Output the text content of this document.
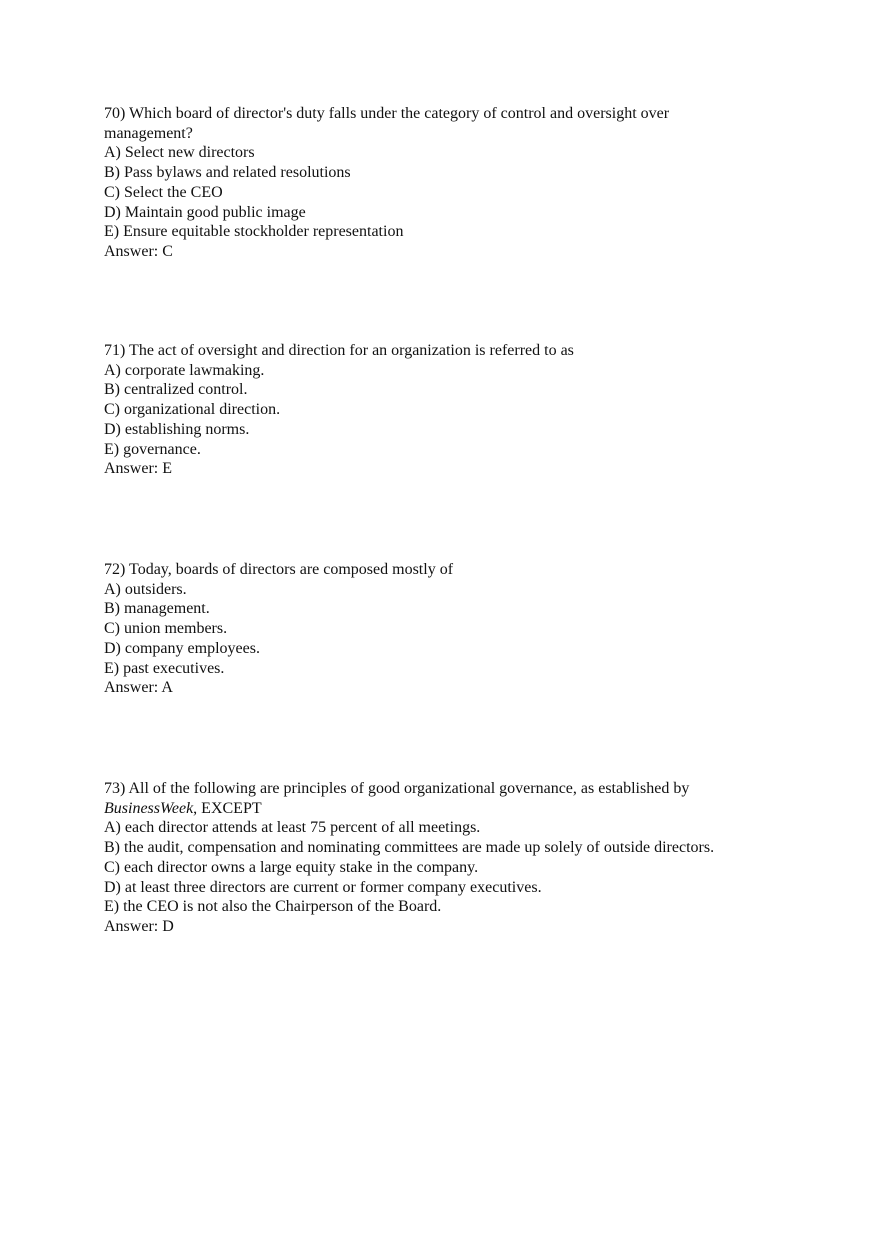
70) Which board of director's duty falls under the category of control and oversight over
management?
A) Select new directors
B) Pass bylaws and related resolutions
C) Select the CEO
D) Maintain good public image
E) Ensure equitable stockholder representation
Answer: C
71) The act of oversight and direction for an organization is referred to as
A) corporate lawmaking.
B) centralized control.
C) organizational direction.
D) establishing norms.
E) governance.
Answer: E
72) Today, boards of directors are composed mostly of
A) outsiders.
B) management.
C) union members.
D) company employees.
E) past executives.
Answer: A
73) All of the following are principles of good organizational governance, as established by
BusinessWeek, EXCEPT
A) each director attends at least 75 percent of all meetings.
B) the audit, compensation and nominating committees are made up solely of outside directors.
C) each director owns a large equity stake in the company.
D) at least three directors are current or former company executives.
E) the CEO is not also the Chairperson of the Board.
Answer: D
